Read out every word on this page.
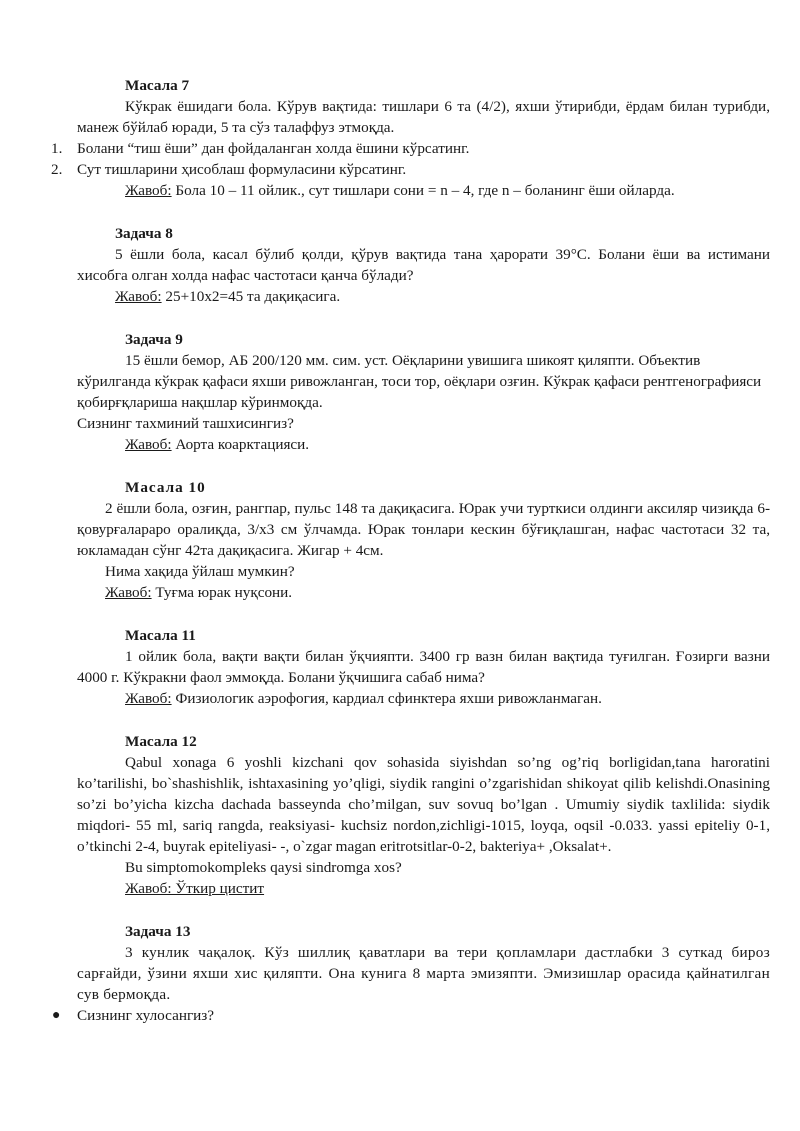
Масала 7
Кўкрак ёшидаги бола. Кўрув вақтида: тишлари 6 та (4/2), яхши ўтирибди, ёрдам билан турибди, манеж бўйлаб юради, 5 та сўз талаффуз этмоқда.
1. Болани “тиш ёши” дан фойдаланган холда ёшини кўрсатинг.
2. Сут тишларини ҳисоблаш формуласини кўрсатинг.
Жавоб: Бола 10 – 11 ойлик., сут тишлари сони = n – 4, где n – боланинг ёши ойларда.
Задача 8
5 ёшли бола, касал бўлиб қолди, қўрув вақтида тана ҳарорати 39°С. Болани ёши ва истимани хисобга олган холда нафас частотаси қанча бўлади?
Жавоб: 25+10х2=45 та дақиқасига.
Задача 9
15 ёшли бемор, АБ 200/120 мм. сим. уст. Оёқларини увишига шикоят қиляпти. Объектив кўрилганда кўкрак қафаси яхши ривожланган, тоси тор, оёқлари озғин. Кўкрак қафаси рентгенографияси қобирғқлариша нақшлар кўринмоқда.
Сизнинг тахминий ташхисингиз?
Жавоб: Аорта коарктацияси.
Масала 10
2 ёшли бола, озғин, рангпар, пульс 148 та дақиқасига. Юрак учи турткиси олдинги аксиляр чизиқда 6-қовурғалараро оралиқда, 3/х3 см ўлчамда. Юрак тонлари кескин бўғиқлашган, нафас частотаси 32 та, юкламадан сўнг 42та дақиқасига. Жигар + 4см.
Нима хақида ўйлаш мумкин?
Жавоб: Туғма юрак нуқсони.
Масала 11
1 ойлик бола, вақти вақти билан ўқчияпти. 3400 гр вазн билан вақтида туғилган. Ғозирги вазни 4000 г. Кўкракни фаол эммоқда. Болани ўқчишига сабаб нима?
Жавоб: Физиологик аэрофогия, кардиал сфинктера яхши ривожланмаган.
Масала 12
Qabul xonaga 6 yoshli kizchani qov sohasida siyishdan so’ng og’riq borligidan,tana haroratini ko’tarilishi, bo`shashishlik, ishtaxasining yo’qligi, siydik rangini o’zgarishidan shikoyat qilib kelishdi.Onasining so’zi bo’yicha kizcha dachada basseynda cho’milgan, suv sovuq bo’lgan . Umumiy siydik taxlilida: siydik miqdori- 55 ml, sariq rangda, reaksiyasi- kuchsiz nordon,zichligi-1015, loyqa, oqsil -0.033. yassi epiteliy 0-1, o’tkinchi 2-4, buyrak epiteliyasi- -, o`zgar magan eritrotsitlar-0-2, bakteriya+ ,Oksalat+.
Bu simptomokompleks qaysi sindromga xos?
Жавоб: Ўткир цистит
Задача 13
3 кунлик чақалоқ. Кўз шиллиқ қаватлари ва тери қопламлари дастлабки 3 суткад бироз сарғайди, ўзини яхши хис қиляпти. Она кунига 8 марта эмизяпти. Эмизишлар орасида қайнатилган сув бермоқда.
● Сизнинг хулосангиз?
